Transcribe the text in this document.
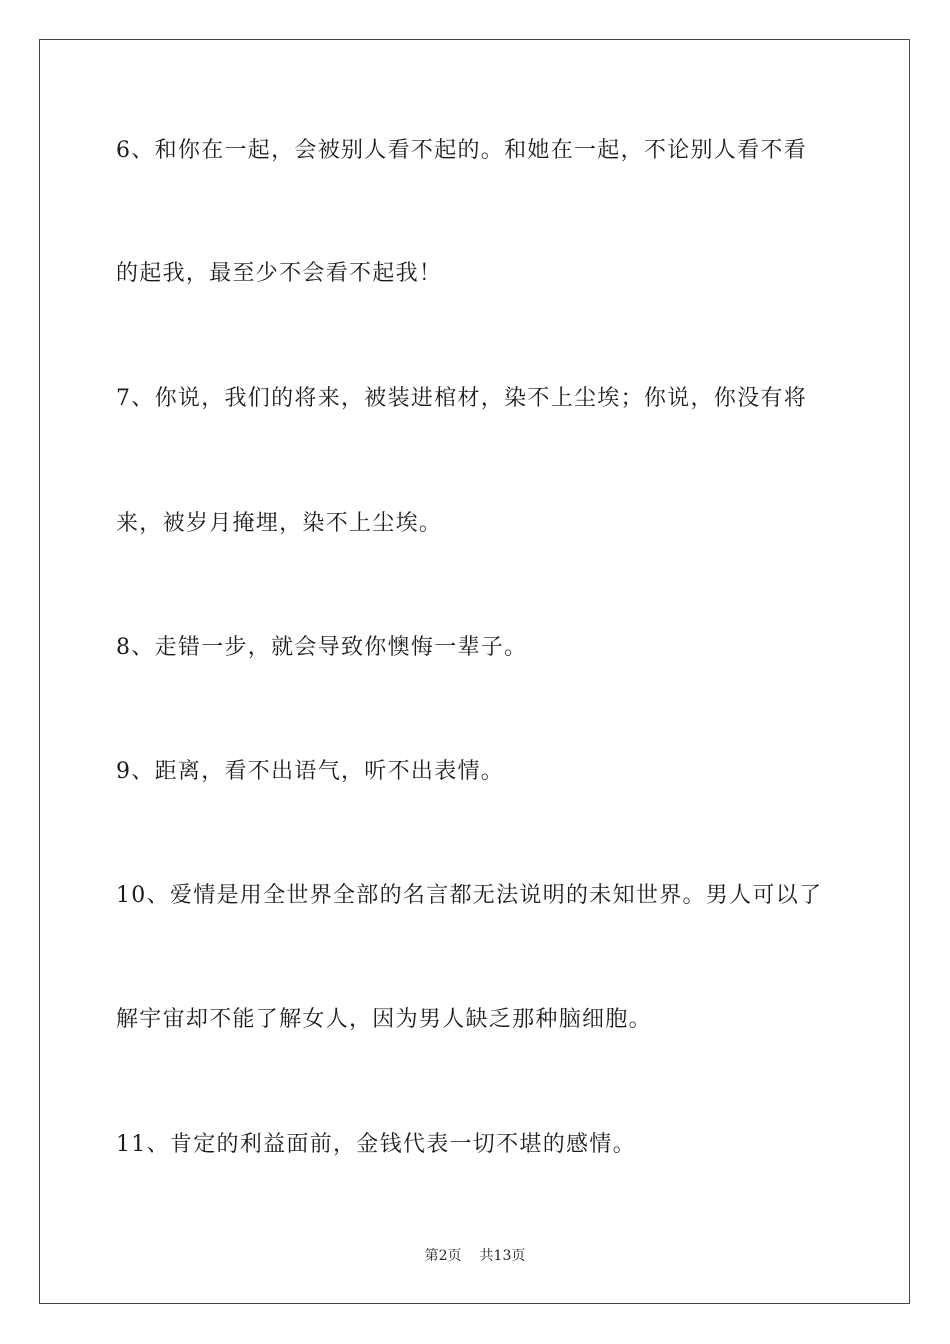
6、和你在一起，会被别人看不起的。和她在一起，不论别人看不看
的起我，最至少不会看不起我！
7、你说，我们的将来，被装进棺材，染不上尘埃；你说，你没有将
来，被岁月掩埋，染不上尘埃。
8、走错一步，就会导致你懊悔一辈子。
9、距离，看不出语气，听不出表情。
10、爱情是用全世界全部的名言都无法说明的未知世界。男人可以了
解宇宙却不能了解女人，因为男人缺乏那种脑细胞。
11、肯定的利益面前，金钱代表一切不堪的感情。
第2页 共13页
